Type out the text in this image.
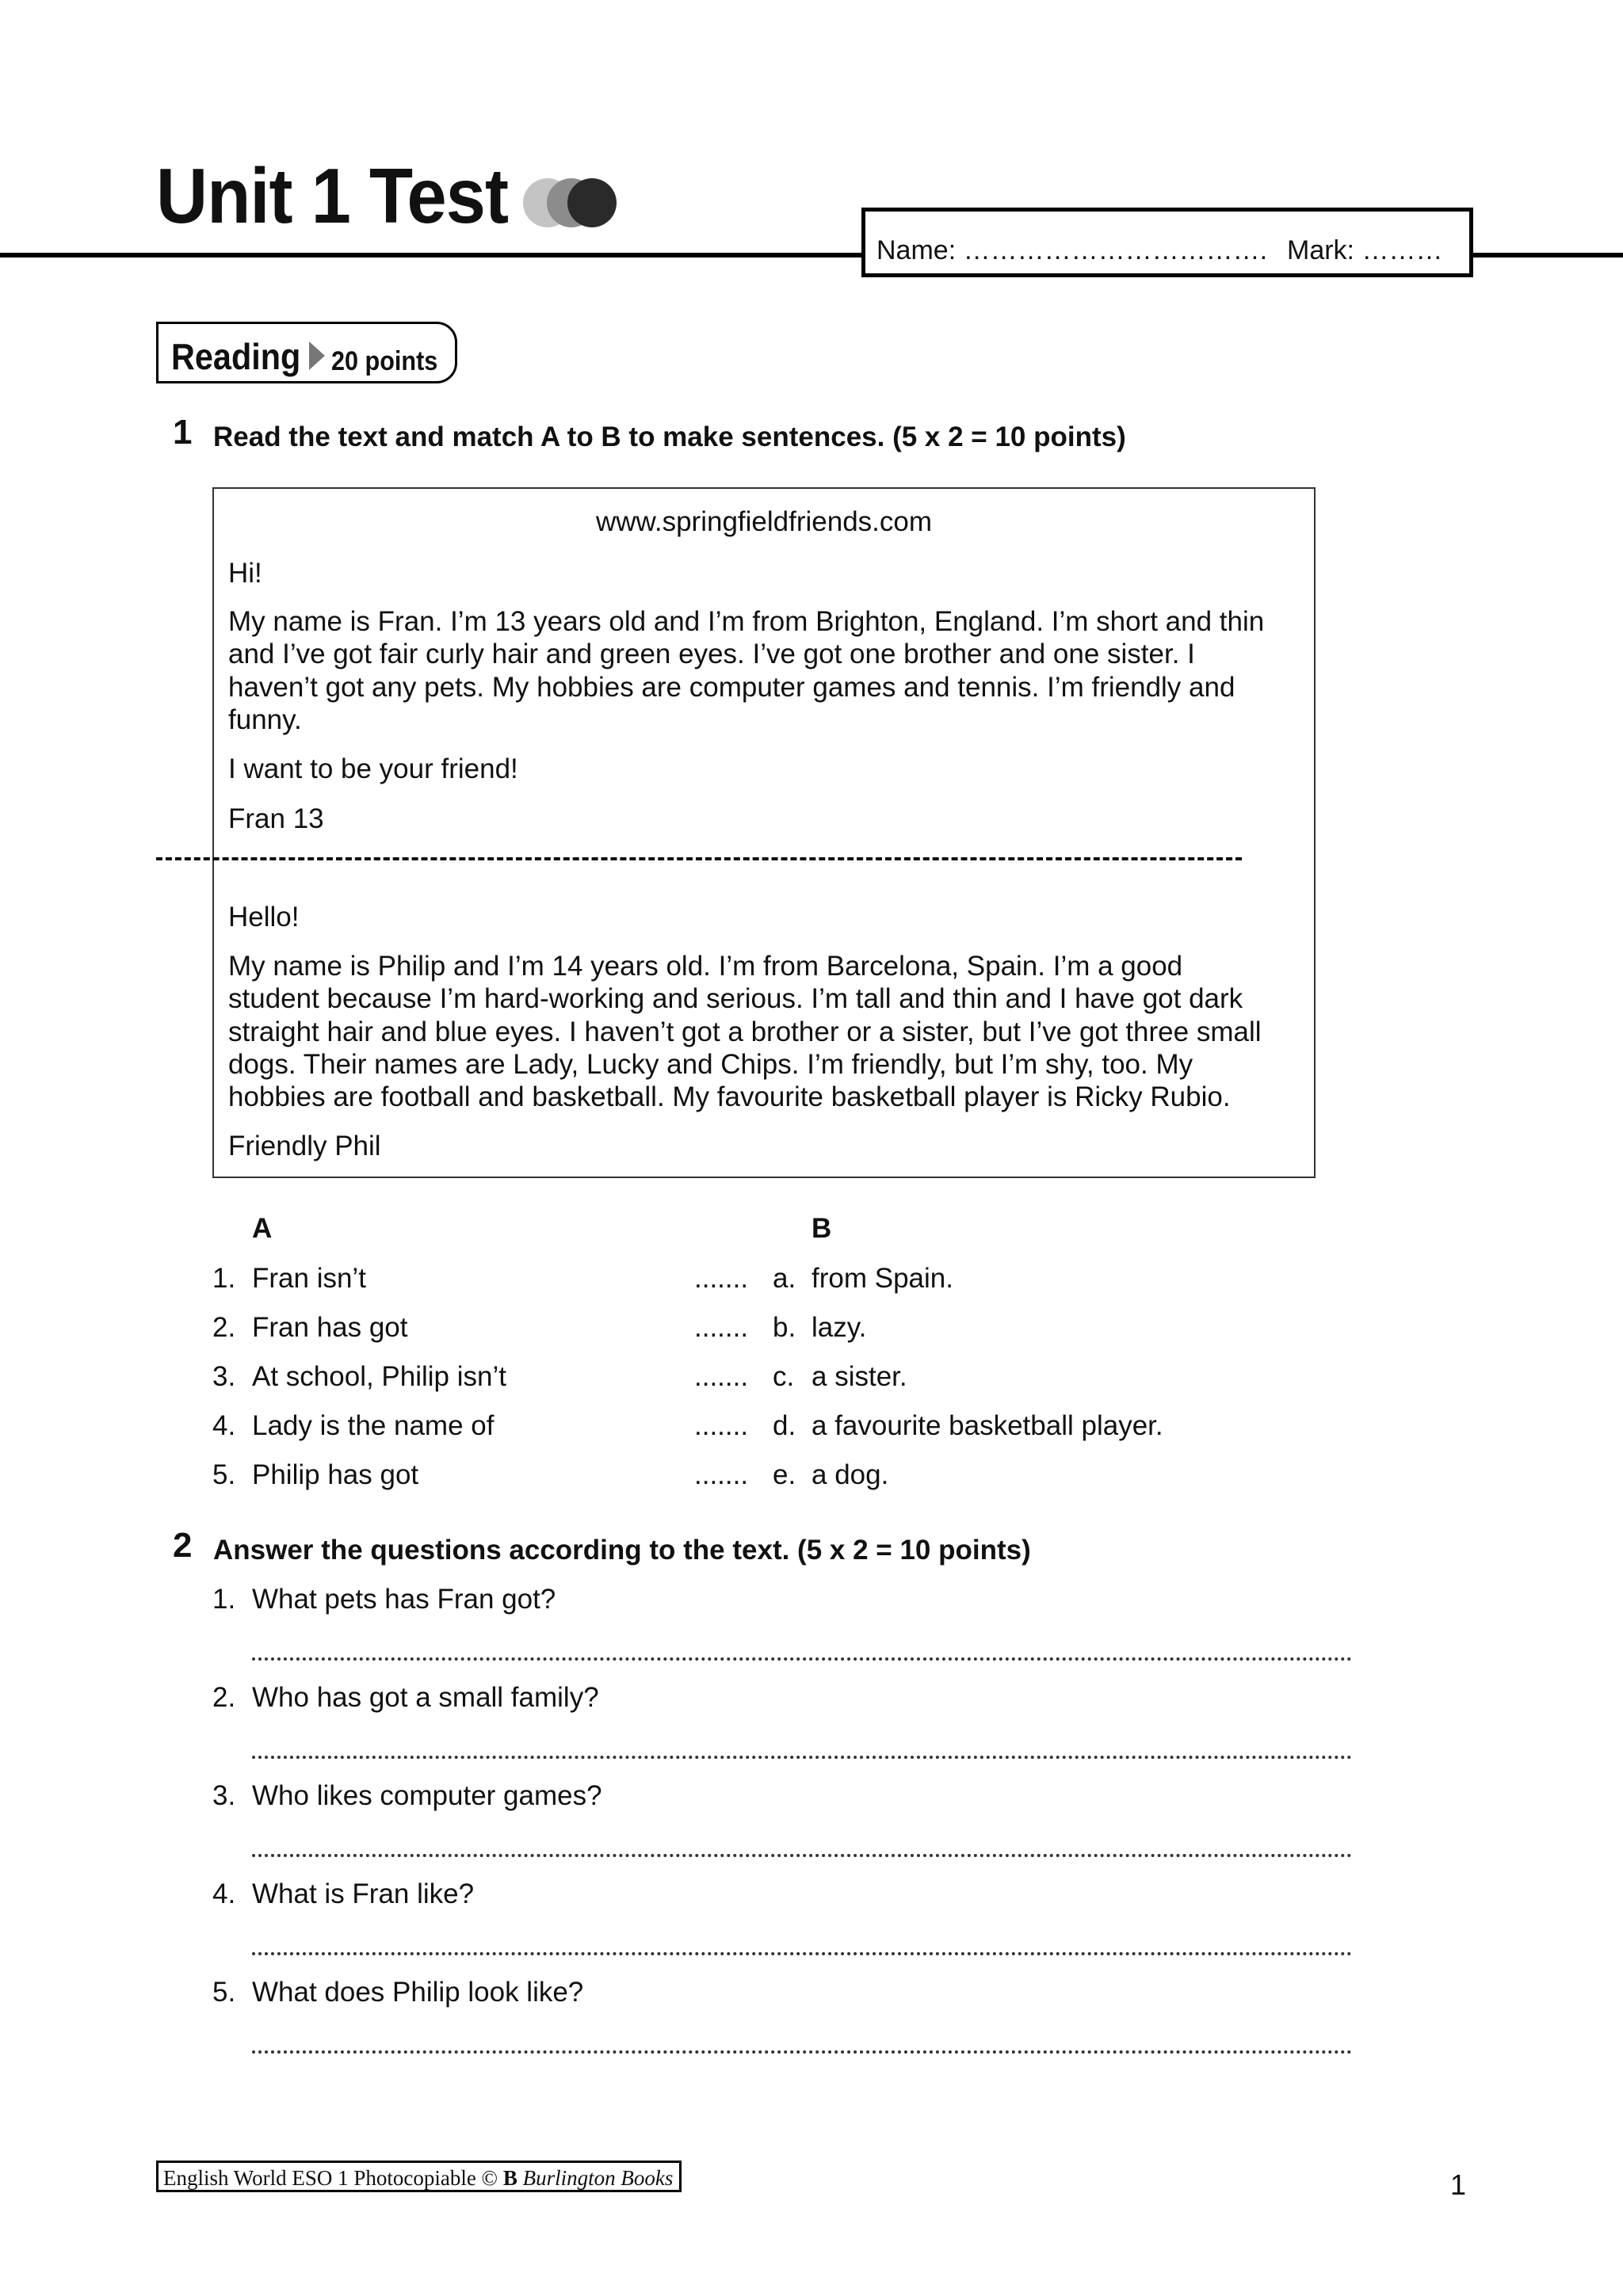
Unit 1 Test
Name: ……………………………. Mark: ………
Reading 20 points
1 Read the text and match A to B to make sentences. (5 x 2 = 10 points)
www.springfieldfriends.com
Hi!
My name is Fran. I’m 13 years old and I’m from Brighton, England. I’m short and thin
and I’ve got fair curly hair and green eyes. I’ve got one brother and one sister. I
haven’t got any pets. My hobbies are computer games and tennis. I’m friendly and
funny.
I want to be your friend!
Fran 13
Hello!
My name is Philip and I’m 14 years old. I’m from Barcelona, Spain. I’m a good
student because I’m hard-working and serious. I’m tall and thin and I have got dark
straight hair and blue eyes. I haven’t got a brother or a sister, but I’ve got three small
dogs. Their names are Lady, Lucky and Chips. I’m friendly, but I’m shy, too. My
hobbies are football and basketball. My favourite basketball player is Ricky Rubio.
Friendly Phil
A	B
1. Fran isn’t	....... a. from Spain.
2. Fran has got	....... b. lazy.
3. At school, Philip isn’t	....... c. a sister.
4. Lady is the name of	....... d. a favourite basketball player.
5. Philip has got	....... e. a dog.
2 Answer the questions according to the text. (5 x 2 = 10 points)
1. What pets has Fran got?
2. Who has got a small family?
3. Who likes computer games?
4. What is Fran like?
5. What does Philip look like?
English World ESO 1 Photocopiable © B Burlington Books	1
